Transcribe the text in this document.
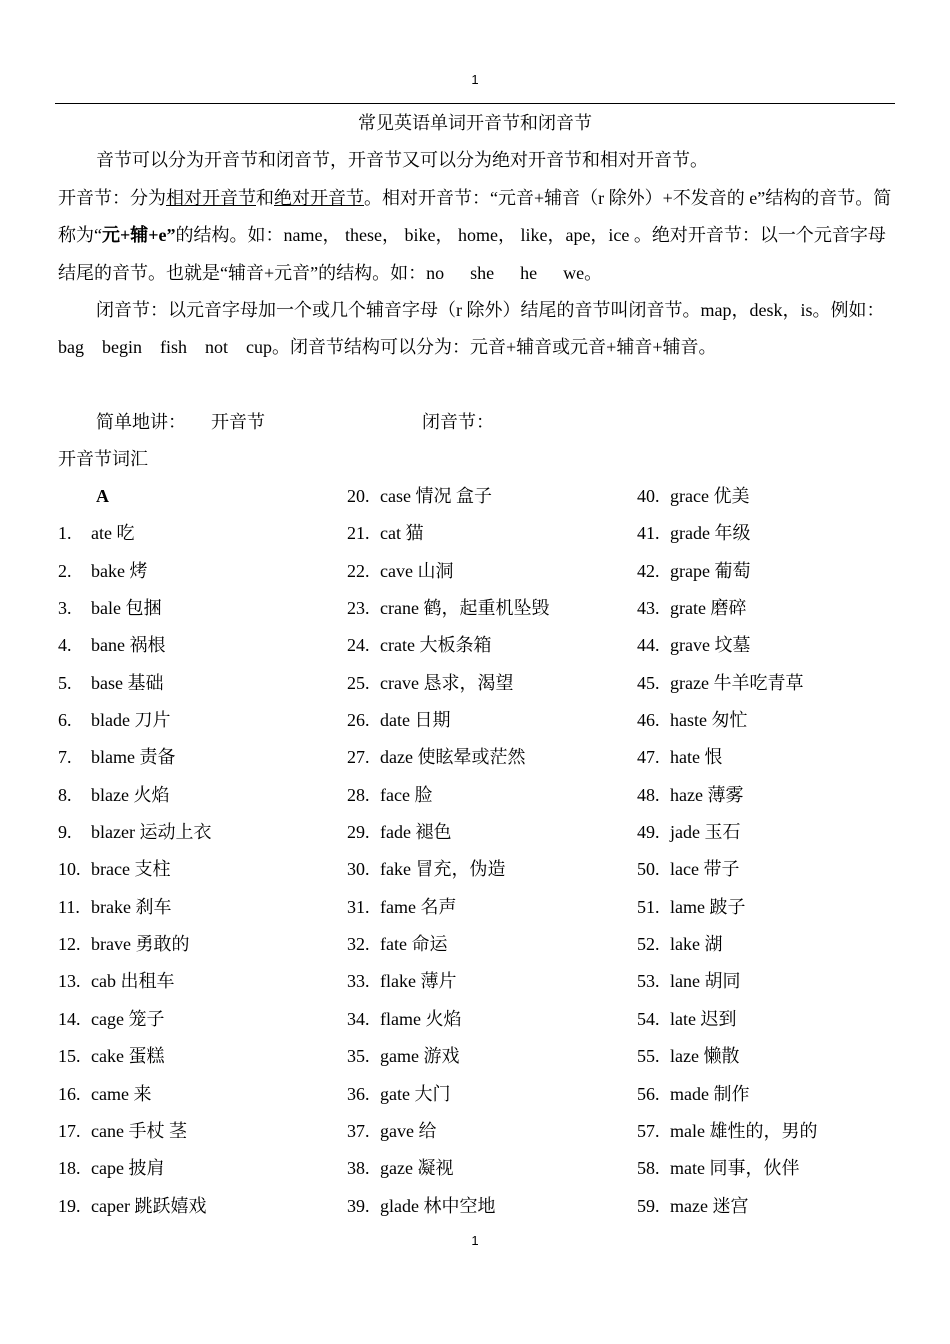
1
常见英语单词开音节和闭音节
音节可以分为开音节和闭音节，开音节又可以分为绝对开音节和相对开音节。
开音节：分为相对开音节和绝对开音节。相对开音节：“元音+辅音（r 除外）+不发音的 e”结构的音节。简称为“元+辅+e”的结构。如：name， these， bike， home， like，ape，ice 。绝对开音节：以一个元音字母结尾的音节。也就是“辅音+元音”的结构。如：no she he we。
闭音节：以元音字母加一个或几个辅音字母（r 除外）结尾的音节叫闭音节。map，desk，is。例如：bag begin fish not cup。闭音节结构可以分为：元音+辅音或元音+辅音+辅音。
简单地讲： 开音节	闭音节：
开音节词汇
A
1. ate 吃
2. bake 烤
3. bale 包捆
4. bane 祸根
5. base 基础
6. blade 刀片
7. blame 责备
8. blaze 火焰
9. blazer 运动上衣
10. brace 支柱
11. brake 刹车
12. brave 勇敢的
13. cab 出租车
14. cage 笼子
15. cake 蛋糕
16. came 来
17. cane 手杖 茎
18. cape 披肩
19. caper 跳跃嬉戏
20. case 情况 盒子
21. cat 猫
22. cave 山洞
23. crane 鹤，起重机坠毁
24. crate 大板条箱
25. crave 恳求，渴望
26. date 日期
27. daze 使眩晕或茫然
28. face 脸
29. fade 褪色
30. fake 冒充，伪造
31. fame 名声
32. fate 命运
33. flake 薄片
34. flame 火焰
35. game 游戏
36. gate 大门
37. gave 给
38. gaze 凝视
39. glade 林中空地
40. grace 优美
41. grade 年级
42. grape 葡萄
43. grate 磨碎
44. grave 坟墓
45. graze 牛羊吃青草
46. haste 匆忙
47. hate 恨
48. haze 薄雾
49. jade 玉石
50. lace 带子
51. lame 跛子
52. lake 湖
53. lane 胡同
54. late 迟到
55. laze 懒散
56. made 制作
57. male 雄性的，男的
58. mate 同事，伙伴
59. maze 迷宫
1
